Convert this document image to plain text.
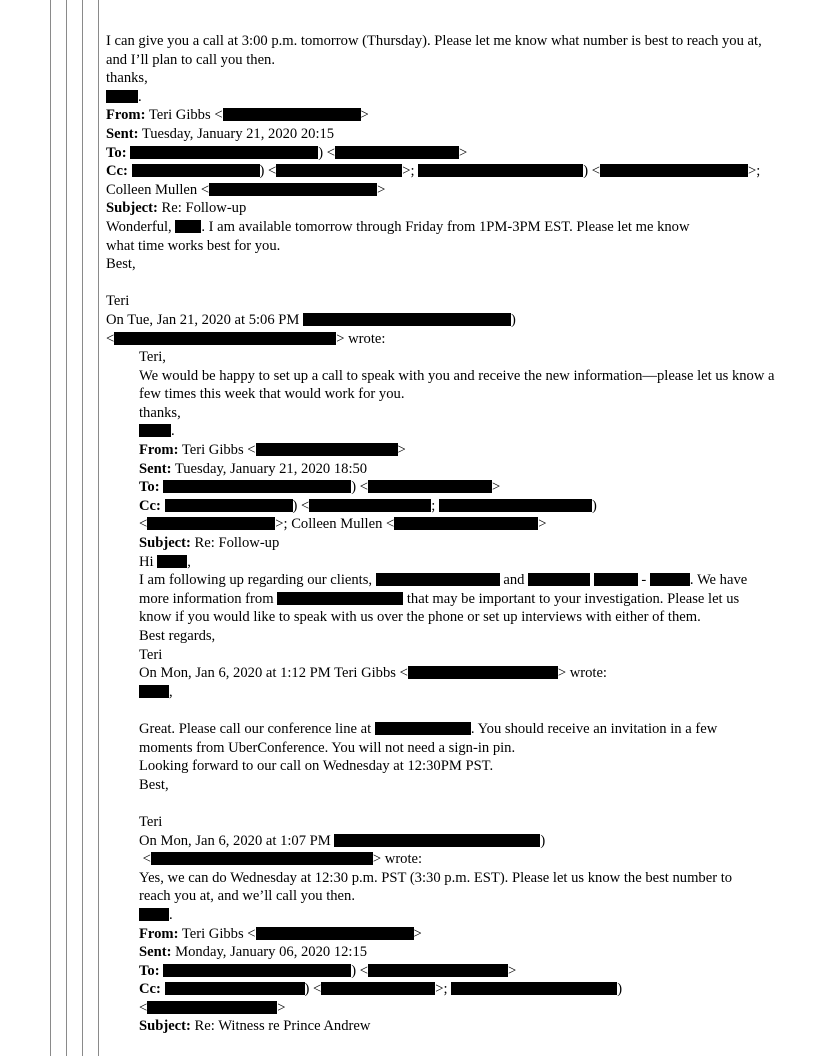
I can give you a call at 3:00 p.m. tomorrow (Thursday). Please let me know what number is best to reach you at,

and I’ll plan to call you then.

thanks,

.

From: Teri Gibbs <	>

Sent: Tuesday, January 21, 2020 20:15

To:	) <	>

Cc:	) <	>;	) <	>;

Colleen Mullen <	>

Subject: Re: Follow-up

Wonderful, . I am available tomorrow through Friday from 1PM-3PM EST. Please let me know

what time works best for you.

Best,

Teri

On Tue, Jan 21, 2020 at 5:06 PM	)

<	> wrote:

Teri,

We would be happy to set up a call to speak with you and receive the new information—please let us know a

few times this week that would work for you.

thanks,

.

From: Teri Gibbs <	>

Sent: Tuesday, January 21, 2020 18:50

To:	) <	>

Cc:	) <	;	)

<	>; Colleen Mullen <	>

Subject: Re: Follow-up

Hi ,

I am following up regarding our clients,	and	-	. We have

more information from	that may be important to your investigation. Please let us

know if you would like to speak with us over the phone or set up interviews with either of them.

Best regards,

Teri

On Mon, Jan 6, 2020 at 1:12 PM Teri Gibbs <	> wrote:

,

Great. Please call our conference line at	. You should receive an invitation in a few

moments from UberConference. You will not need a sign-in pin.

Looking forward to our call on Wednesday at 12:30PM PST.

Best,

Teri

On Mon, Jan 6, 2020 at 1:07 PM	)

<	> wrote:

Yes, we can do Wednesday at 12:30 p.m. PST (3:30 p.m. EST). Please let us know the best number to

reach you at, and we’ll call you then.

.

From: Teri Gibbs <	>

Sent: Monday, January 06, 2020 12:15

To:	) <	>

Cc:	) <	>;	)

<	>

Subject: Re: Witness re Prince Andrew
